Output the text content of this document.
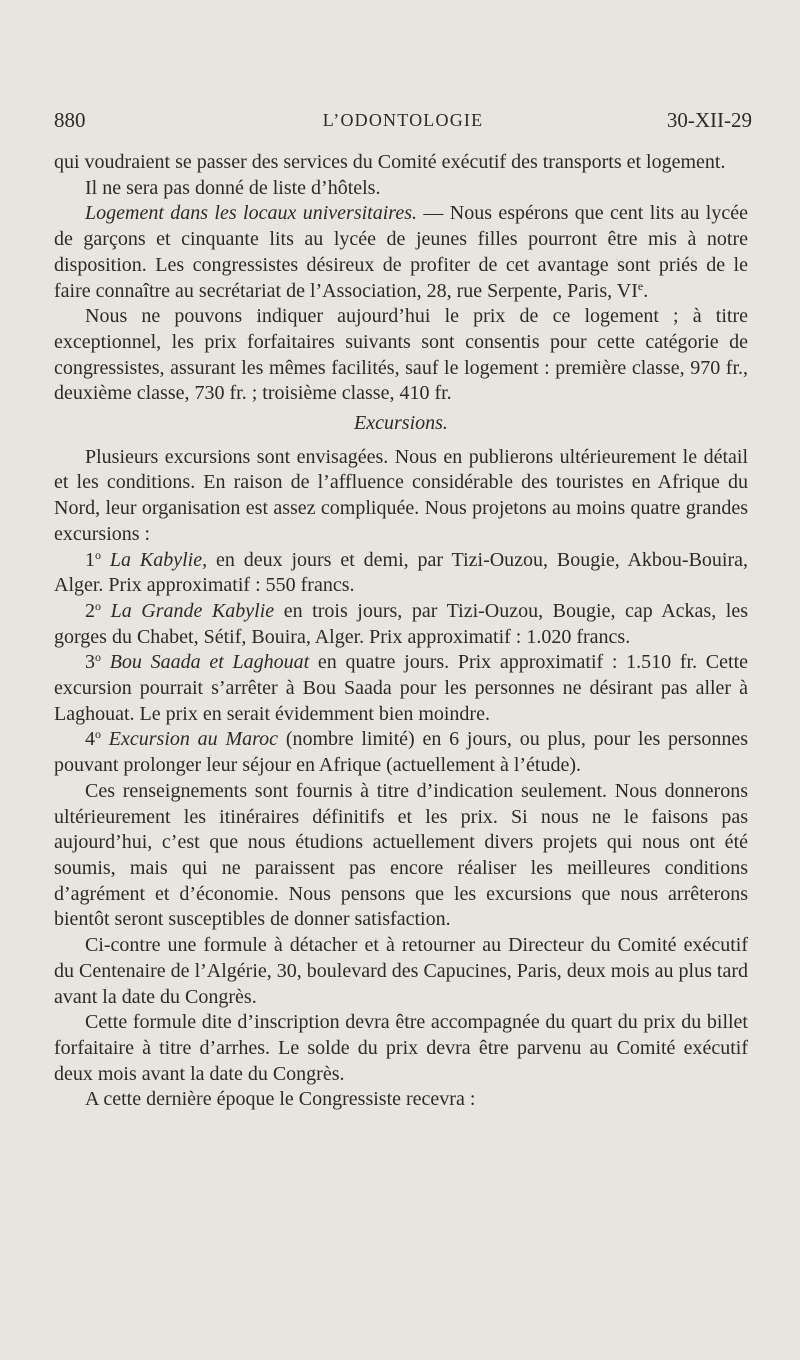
880	L’ODONTOLOGIE	30-XII-29

qui voudraient se passer des services du Comité exécutif des transports et logement.

Il ne sera pas donné de liste d’hôtels.

Logement dans les locaux universitaires. — Nous espérons que cent lits au lycée de garçons et cinquante lits au lycée de jeunes filles pourront être mis à notre disposition. Les congressistes désireux de profiter de cet avantage sont priés de le faire connaître au secrétariat de l’Association, 28, rue Serpente, Paris, VIe.

Nous ne pouvons indiquer aujourd’hui le prix de ce logement ; à titre exceptionnel, les prix forfaitaires suivants sont consentis pour cette catégorie de congressistes, assurant les mêmes facilités, sauf le logement : première classe, 970 fr., deuxième classe, 730 fr. ; troisième classe, 410 fr.

Excursions.

Plusieurs excursions sont envisagées. Nous en publierons ultérieurement le détail et les conditions. En raison de l’affluence considérable des touristes en Afrique du Nord, leur organisation est assez compliquée. Nous projetons au moins quatre grandes excursions :

1$^o$ La Kabylie, en deux jours et demi, par Tizi-Ouzou, Bougie, Akbou-Bouira, Alger. Prix approximatif : 550 francs.

2$^o$ La Grande Kabylie en trois jours, par Tizi-Ouzou, Bougie, cap Ackas, les gorges du Chabet, Sétif, Bouira, Alger. Prix approximatif : 1.020 francs.

3$^o$ Bou Saada et Laghouat en quatre jours. Prix approximatif : 1.510 fr. Cette excursion pourrait s’arrêter à Bou Saada pour les personnes ne désirant pas aller à Laghouat. Le prix en serait évidemment bien moindre.

4$^o$ Excursion au Maroc (nombre limité) en 6 jours, ou plus, pour les personnes pouvant prolonger leur séjour en Afrique (actuellement à l’étude).

Ces renseignements sont fournis à titre d’indication seulement. Nous donnerons ultérieurement les itinéraires définitifs et les prix. Si nous ne le faisons pas aujourd’hui, c’est que nous étudions actuellement divers projets qui nous ont été soumis, mais qui ne paraissent pas encore réaliser les meilleures conditions d’agrément et d’économie. Nous pensons que les excursions que nous arrêterons bientôt seront susceptibles de donner satisfaction.

Ci-contre une formule à détacher et à retourner au Directeur du Comité exécutif du Centenaire de l’Algérie, 30, boulevard des Capucines, Paris, deux mois au plus tard avant la date du Congrès.

Cette formule dite d’inscription devra être accompagnée du quart du prix du billet forfaitaire à titre d’arrhes. Le solde du prix devra être parvenu au Comité exécutif deux mois avant la date du Congrès.

A cette dernière époque le Congressiste recevra :
